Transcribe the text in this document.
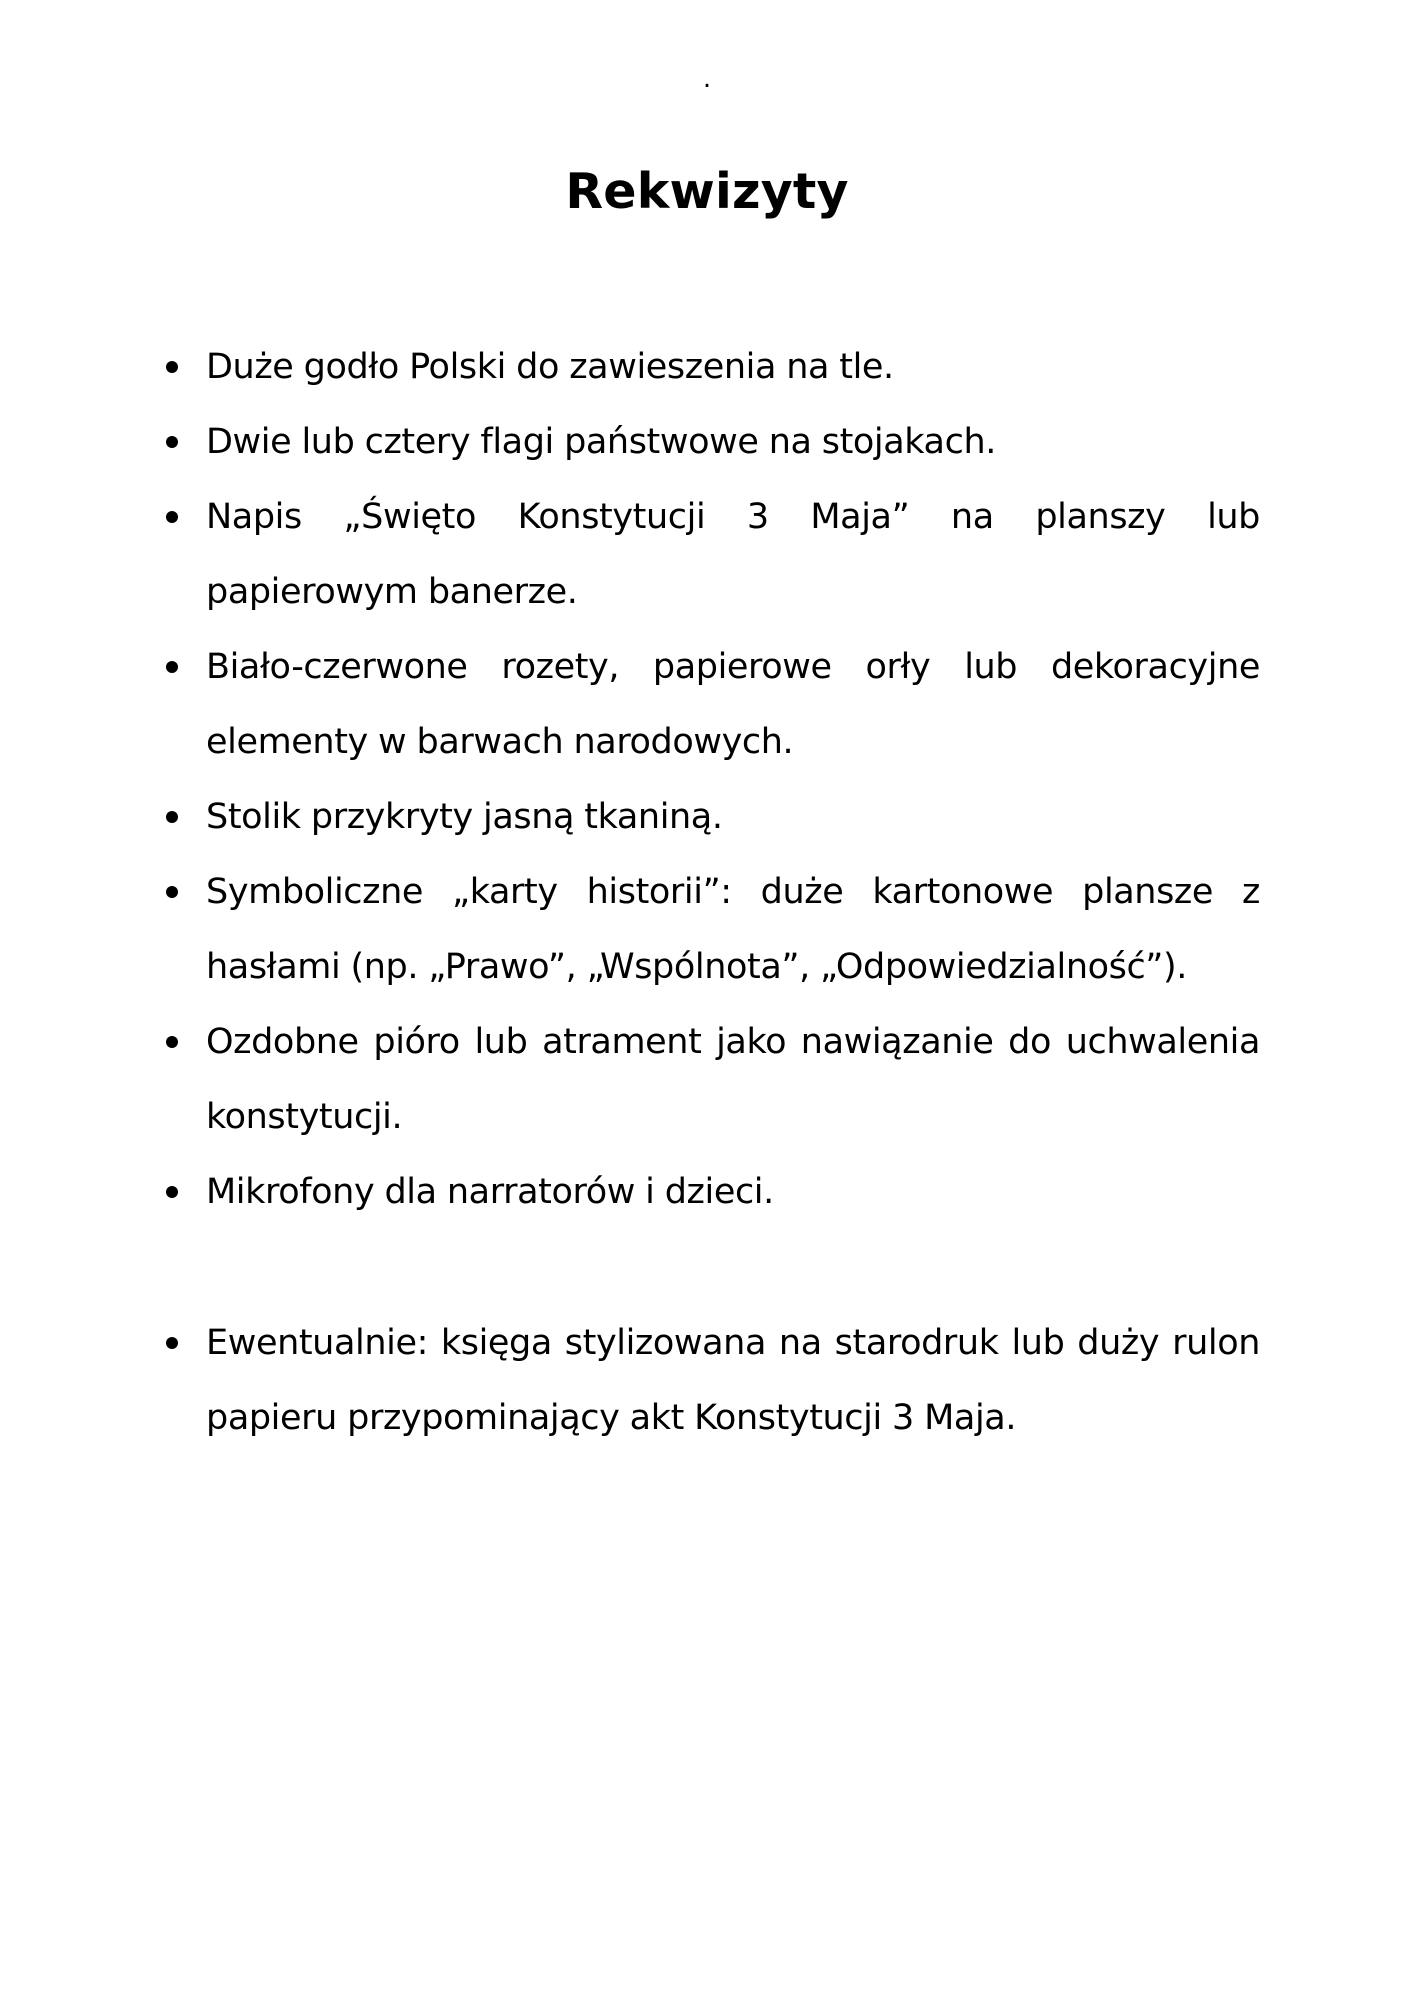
.
Rekwizyty
Duże godło Polski do zawieszenia na tle.
Dwie lub cztery flagi państwowe na stojakach.
Napis „Święto Konstytucji 3 Maja” na planszy lub papierowym banerze.
Biało-czerwone rozety, papierowe orły lub dekoracyjne elementy w barwach narodowych.
Stolik przykryty jasną tkaniną.
Symboliczne „karty historii”: duże kartonowe plansze z hasłami (np. „Prawo”, „Wspólnota”, „Odpowiedzialność”).
Ozdobne pióro lub atrament jako nawiązanie do uchwalenia konstytucji.
Mikrofony dla narratorów i dzieci.
Ewentualnie: księga stylizowana na starodruk lub duży rulon papieru przypominający akt Konstytucji 3 Maja.
